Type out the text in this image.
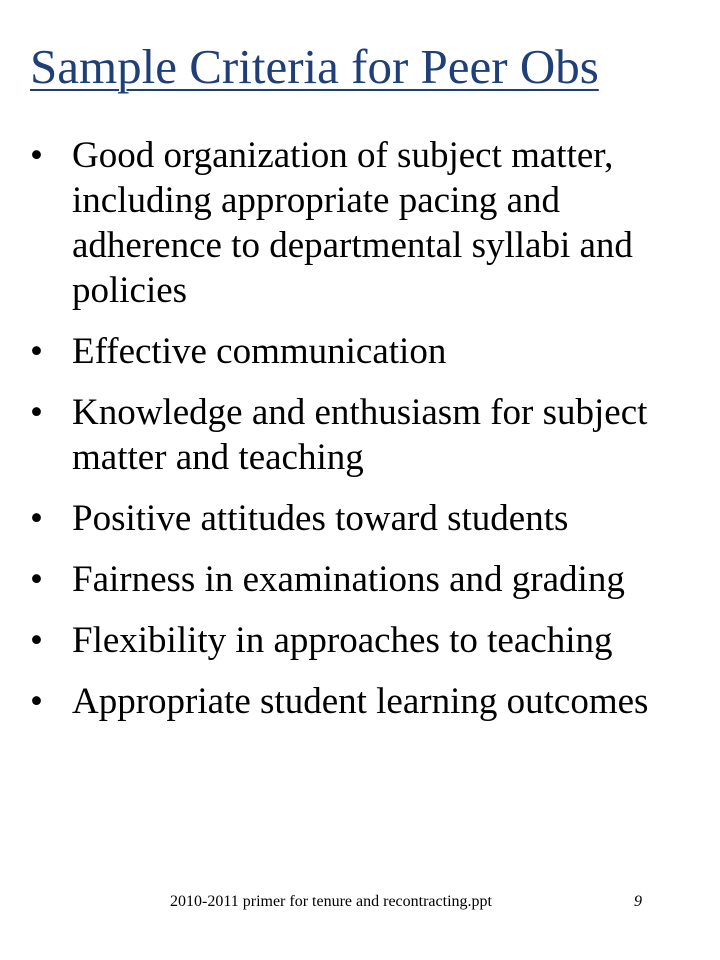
Sample Criteria for Peer Obs
• Good organization of subject matter, including appropriate pacing and adherence to departmental syllabi and policies
• Effective communication
• Knowledge and enthusiasm for subject matter and teaching
• Positive attitudes toward students
• Fairness in examinations and grading
• Flexibility in approaches to teaching
• Appropriate student learning outcomes
2010-2011 primer for tenure and recontracting.ppt	9
